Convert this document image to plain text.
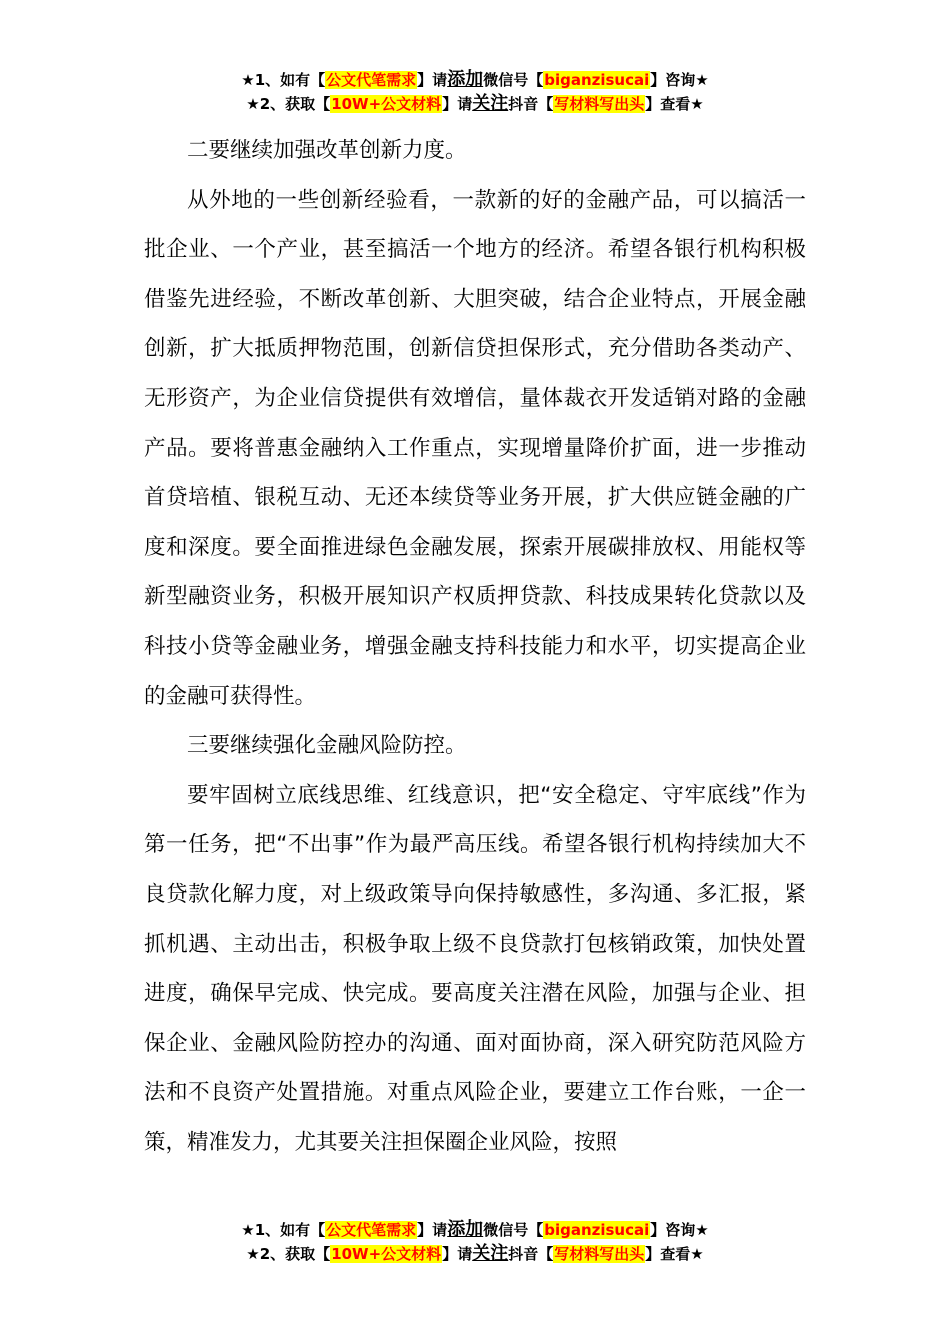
★1、如有【公文代笔需求】请添加微信号【biganzisucai】咨询★
★2、获取【10W+公文材料】请关注抖音【写材料写出头】查看★

二要继续加强改革创新力度。

从外地的一些创新经验看，一款新的好的金融产品，可以搞活一批企业、一个产业，甚至搞活一个地方的经济。希望各银行机构积极借鉴先进经验，不断改革创新、大胆突破，结合企业特点，开展金融创新，扩大抵质押物范围，创新信贷担保形式，充分借助各类动产、无形资产，为企业信贷提供有效增信，量体裁衣开发适销对路的金融产品。要将普惠金融纳入工作重点，实现增量降价扩面，进一步推动首贷培植、银税互动、无还本续贷等业务开展，扩大供应链金融的广度和深度。要全面推进绿色金融发展，探索开展碳排放权、用能权等新型融资业务，积极开展知识产权质押贷款、科技成果转化贷款以及科技小贷等金融业务，增强金融支持科技能力和水平，切实提高企业的金融可获得性。

三要继续强化金融风险防控。

要牢固树立底线思维、红线意识，把“安全稳定、守牢底线”作为第一任务，把“不出事”作为最严高压线。希望各银行机构持续加大不良贷款化解力度，对上级政策导向保持敏感性，多沟通、多汇报，紧抓机遇、主动出击，积极争取上级不良贷款打包核销政策，加快处置进度，确保早完成、快完成。要高度关注潜在风险，加强与企业、担保企业、金融风险防控办的沟通、面对面协商，深入研究防范风险方法和不良资产处置措施。对重点风险企业，要建立工作台账，一企一策，精准发力，尤其要关注担保圈企业风险，按照

★1、如有【公文代笔需求】请添加微信号【biganzisucai】咨询★
★2、获取【10W+公文材料】请关注抖音【写材料写出头】查看★
